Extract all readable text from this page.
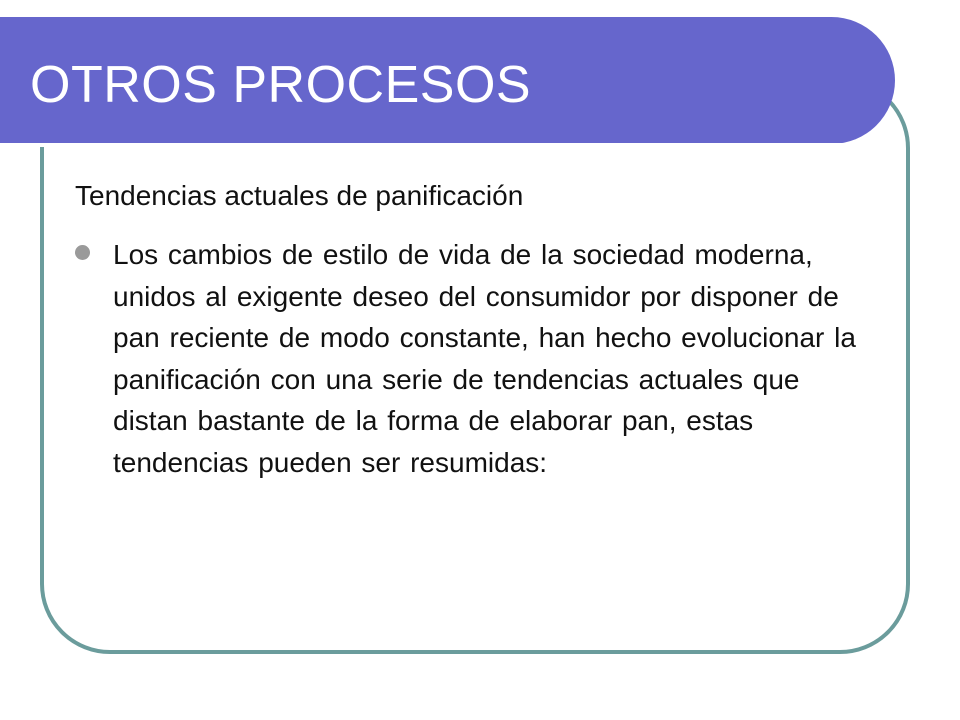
OTROS PROCESOS

Tendencias actuales de panificación

Los cambios de estilo de vida de la sociedad moderna, unidos al exigente deseo del consumidor por disponer de pan reciente de modo constante, han hecho evolucionar la panificación con una serie de tendencias actuales que distan bastante de la forma de elaborar pan, estas tendencias pueden ser resumidas:
